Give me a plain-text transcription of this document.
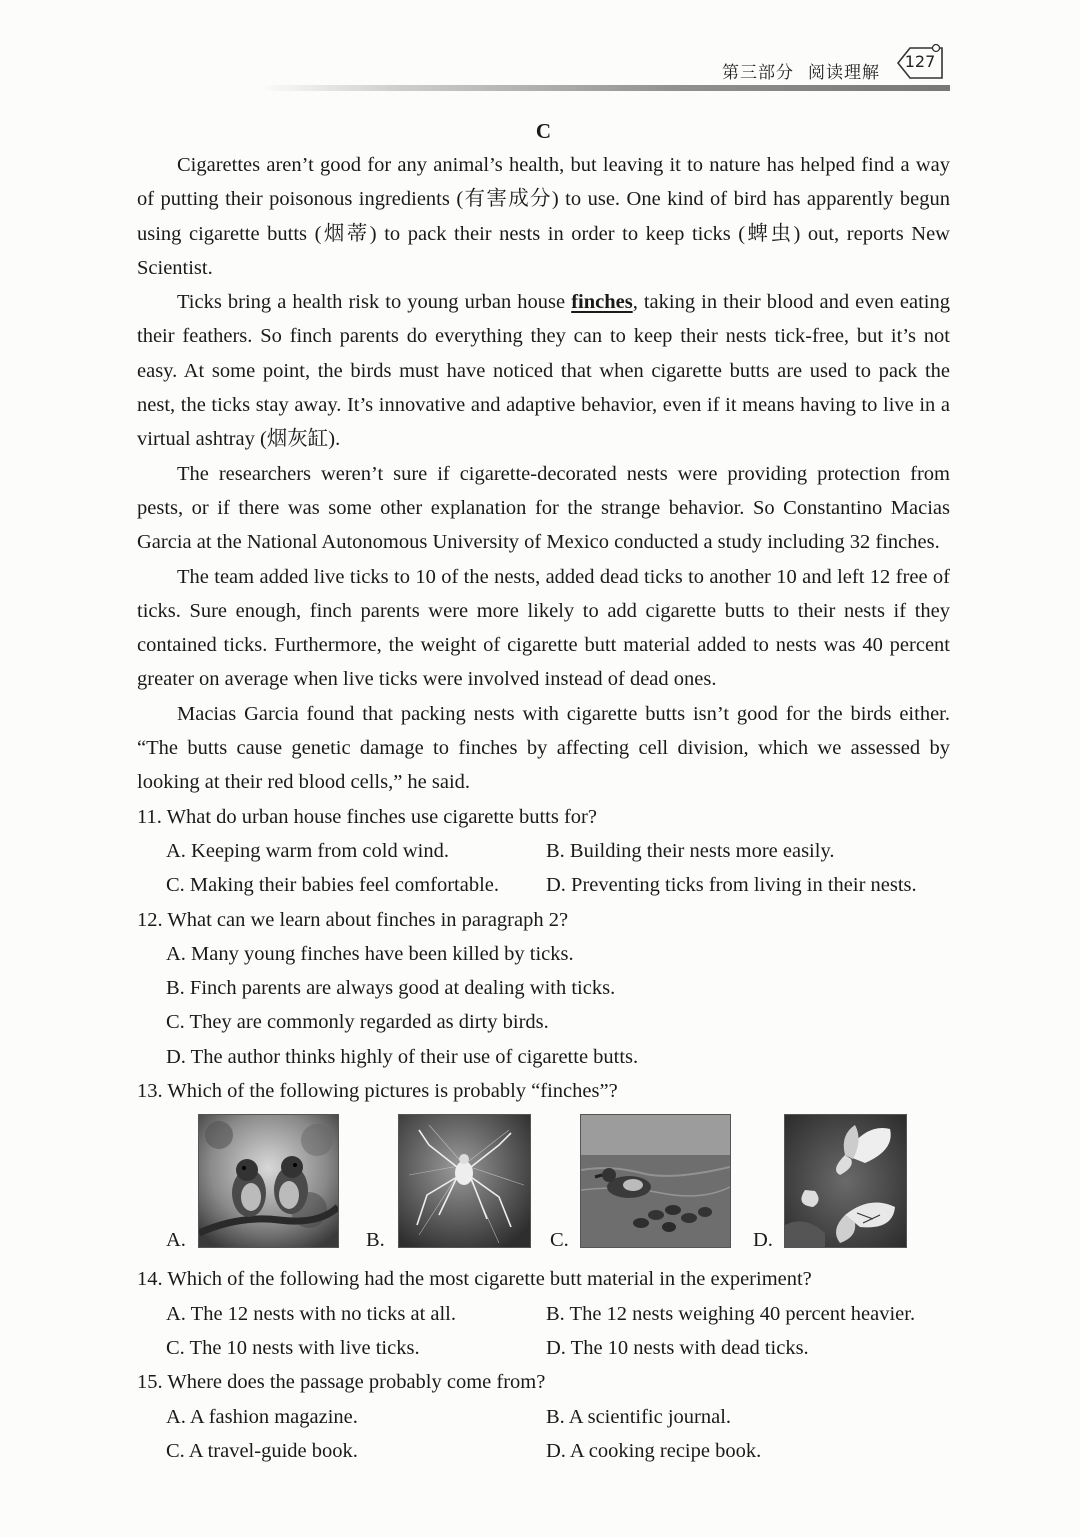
第三部分 阅读理解
127
C

Cigarettes aren’t good for any animal’s health, but leaving it to nature has helped find a way of putting their poisonous ingredients (有害成分) to use. One kind of bird has apparently begun using cigarette butts (烟蒂) to pack their nests in order to keep ticks (蜱虫) out, reports New Scientist.

Ticks bring a health risk to young urban house finches, taking in their blood and even eating their feathers. So finch parents do everything they can to keep their nests tick-free, but it’s not easy. At some point, the birds must have noticed that when cigarette butts are used to pack the nest, the ticks stay away. It’s innovative and adaptive behavior, even if it means having to live in a virtual ashtray (烟灰缸).

The researchers weren’t sure if cigarette-decorated nests were providing protection from pests, or if there was some other explanation for the strange behavior. So Constantino Macias Garcia at the National Autonomous University of Mexico conducted a study including 32 finches.

The team added live ticks to 10 of the nests, added dead ticks to another 10 and left 12 free of ticks. Sure enough, finch parents were more likely to add cigarette butts to their nests if they contained ticks. Furthermore, the weight of cigarette butt material added to nests was 40 percent greater on average when live ticks were involved instead of dead ones.

Macias Garcia found that packing nests with cigarette butts isn’t good for the birds either. “The butts cause genetic damage to finches by affecting cell division, which we assessed by looking at their red blood cells,” he said.

11. What do urban house finches use cigarette butts for?

A. Keeping warm from cold wind.	B. Building their nests more easily.
C. Making their babies feel comfortable.	D. Preventing ticks from living in their nests.

12. What can we learn about finches in paragraph 2?

A. Many young finches have been killed by ticks.
B. Finch parents are always good at dealing with ticks.
C. They are commonly regarded as dirty birds.
D. The author thinks highly of their use of cigarette butts.

13. Which of the following pictures is probably “finches”?

A.	B.	C.	D.

14. Which of the following had the most cigarette butt material in the experiment?

A. The 12 nests with no ticks at all.	B. The 12 nests weighing 40 percent heavier.
C. The 10 nests with live ticks.	D. The 10 nests with dead ticks.

15. Where does the passage probably come from?

A. A fashion magazine.	B. A scientific journal.
C. A travel-guide book.	D. A cooking recipe book.
